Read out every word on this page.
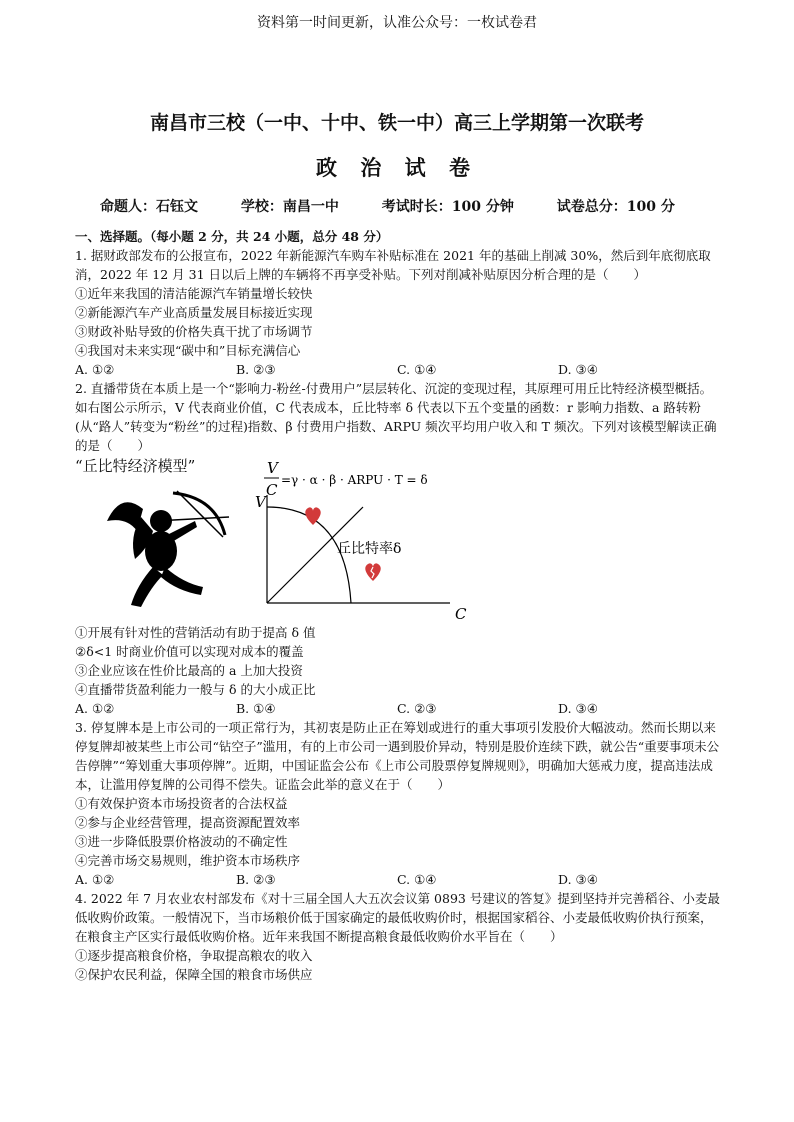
资料第一时间更新，认准公众号：一枚试卷君
南昌市三校（一中、十中、铁一中）高三上学期第一次联考
政 治 试 卷
命题人：石钰文	学校：南昌一中	考试时长：100 分钟	试卷总分：100 分

一、选择题。（每小题 2 分，共 24 小题，总分 48 分）

1. 据财政部发布的公报宣布，2022 年新能源汽车购车补贴标准在 2021 年的基础上削减 30%，然后到年底彻底取消，2022 年 12 月 31 日以后上牌的车辆将不再享受补贴。下列对削减补贴原因分析合理的是（　　）

①近年来我国的清洁能源汽车销量增长较快

②新能源汽车产业高质量发展目标接近实现

③财政补贴导致的价格失真干扰了市场调节

④我国对未来实现“碳中和”目标充满信心

A. ①②	B. ②③	C. ①④	D. ③④

2. 直播带货在本质上是一个“影响力-粉丝-付费用户”层层转化、沉淀的变现过程，其原理可用丘比特经济模型概括。如右图公示所示，V 代表商业价值，C 代表成本，丘比特率 δ 代表以下五个变量的函数：r 影响力指数、a 路转粉(从“路人”转变为“粉丝”的过程)指数、β 付费用户指数、ARPU 频次平均用户收入和 T 频次。下列对该模型解读正确的是（　　）

“丘比特经济模型”	V
C
=γ · α · β · ARPU · T = δ
V
C
丘比特率δ

①开展有针对性的营销活动有助于提高 δ 值

②δ<1 时商业价值可以实现对成本的覆盖

③企业应该在性价比最高的 a 上加大投资

④直播带货盈利能力一般与 δ 的大小成正比

A. ①②	B. ①④	C. ②③	D. ③④

3. 停复牌本是上市公司的一项正常行为，其初衷是防止正在筹划或进行的重大事项引发股价大幅波动。然而长期以来停复牌却被某些上市公司“钻空子”滥用，有的上市公司一遇到股价异动，特别是股价连续下跌，就公告“重要事项未公告停牌”“筹划重大事项停牌”。近期，中国证监会公布《上市公司股票停复牌规则》，明确加大惩戒力度，提高违法成本，让滥用停复牌的公司得不偿失。证监会此举的意义在于（　　）

①有效保护资本市场投资者的合法权益

②参与企业经营管理，提高资源配置效率

③进一步降低股票价格波动的不确定性

④完善市场交易规则，维护资本市场秩序

A. ①②	B. ②③	C. ①④	D. ③④

4. 2022 年 7 月农业农村部发布《对十三届全国人大五次会议第 0893 号建议的答复》提到坚持并完善稻谷、小麦最低收购价政策。一般情况下，当市场粮价低于国家确定的最低收购价时，根据国家稻谷、小麦最低收购价执行预案，在粮食主产区实行最低收购价格。近年来我国不断提高粮食最低收购价水平旨在（　　）

①逐步提高粮食价格，争取提高粮农的收入

②保护农民利益，保障全国的粮食市场供应
